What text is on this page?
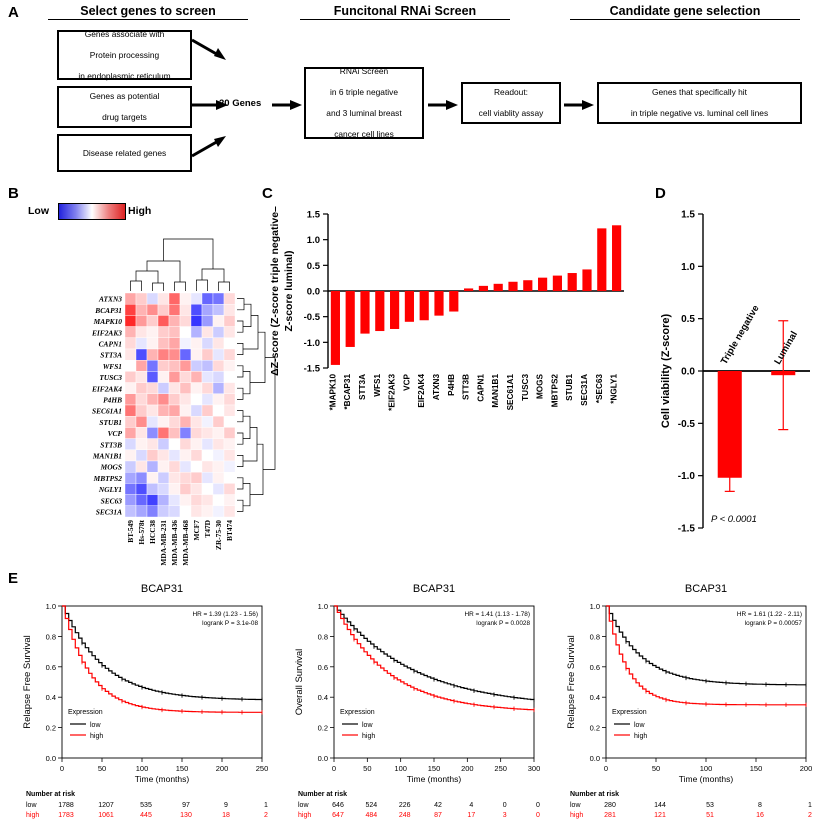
A	Select genes to screen	Funcitonal RNAi Screen	Candidate gene selection
Genes associate with

Protein processing

in endoplasmic reticulum
Genes as potential

drug targets
Disease related genes
20 Genes
RNAi Screen

in 6 triple negative

and 3 luminal breast

cancer cell lines
Readout:

cell viablity assay
Genes that specifically hit

in triple negative vs. luminal cell lines
B
Low	High
ATXN3
BCAP31
MAPK10
EIF2AK3
CAPN1
STT3A
WFS1
TUSC3
EIF2AK4
P4HB
SEC61A1
STUB1
VCP
STT3B
MAN1B1
MOGS
MBTPS2
NGLY1
SEC63
SEC31A
BT-549 Hs-578t HCC38 MDA-MB-231 MDA-MB-436 MDA-MB-468 MCF7 T47D ZR-75-30 BT474
C
-1.5
-1.0
-0.5
0.0
0.5
1.0
1.5
*MAPK10 *BCAP31 STT3A WFS1 *EIF2AK3 VCP EIF2AK4 ATXN3 P4HB STT3B CAPN1 MAN1B1 SEC61A1 TUSC3 MOGS MBTPS2 STUB1 SEC31A *SEC63 *NGLY1
ΔZ-score (Z-score triple negative– Z-score luminal)
D
-1.5
-1.0
-0.5
0.0
0.5
1.0
1.5
Triple negative Luminal
Cell viability (Z-score)
P < 0.0001
E
BCAP31
0.0
0.2
0.4
0.6
0.8
1.0
0	50	100	150	200	250
Relapse Free Survival
Time (months)
HR = 1.39 (1.23 - 1.56)
logrank P = 3.1e-08
Expression
low
high
Number at risk
low	1788	1207	535	97	9	1
high	1783	1061	445	130	18	2
BCAP31
0.0
0.2
0.4
0.6
0.8
1.0
0	50	100	150	200	250	300
Overall Survival
Time (months)
HR = 1.41 (1.13 - 1.78)
logrank P = 0.0028
Expression
low
high
Number at risk
low	646	524	226	42	4	0	0
high	647	484	248	87	17	3	0
BCAP31
0.0
0.2
0.4
0.6
0.8
1.0
0	50	100	150	200
Relapse Free Survival
Time (months)
HR = 1.61 (1.22 - 2.11)
logrank P = 0.00057
Expression
low
high
Number at risk
low	280	144	53	8	1
high	281	121	51	16	2
